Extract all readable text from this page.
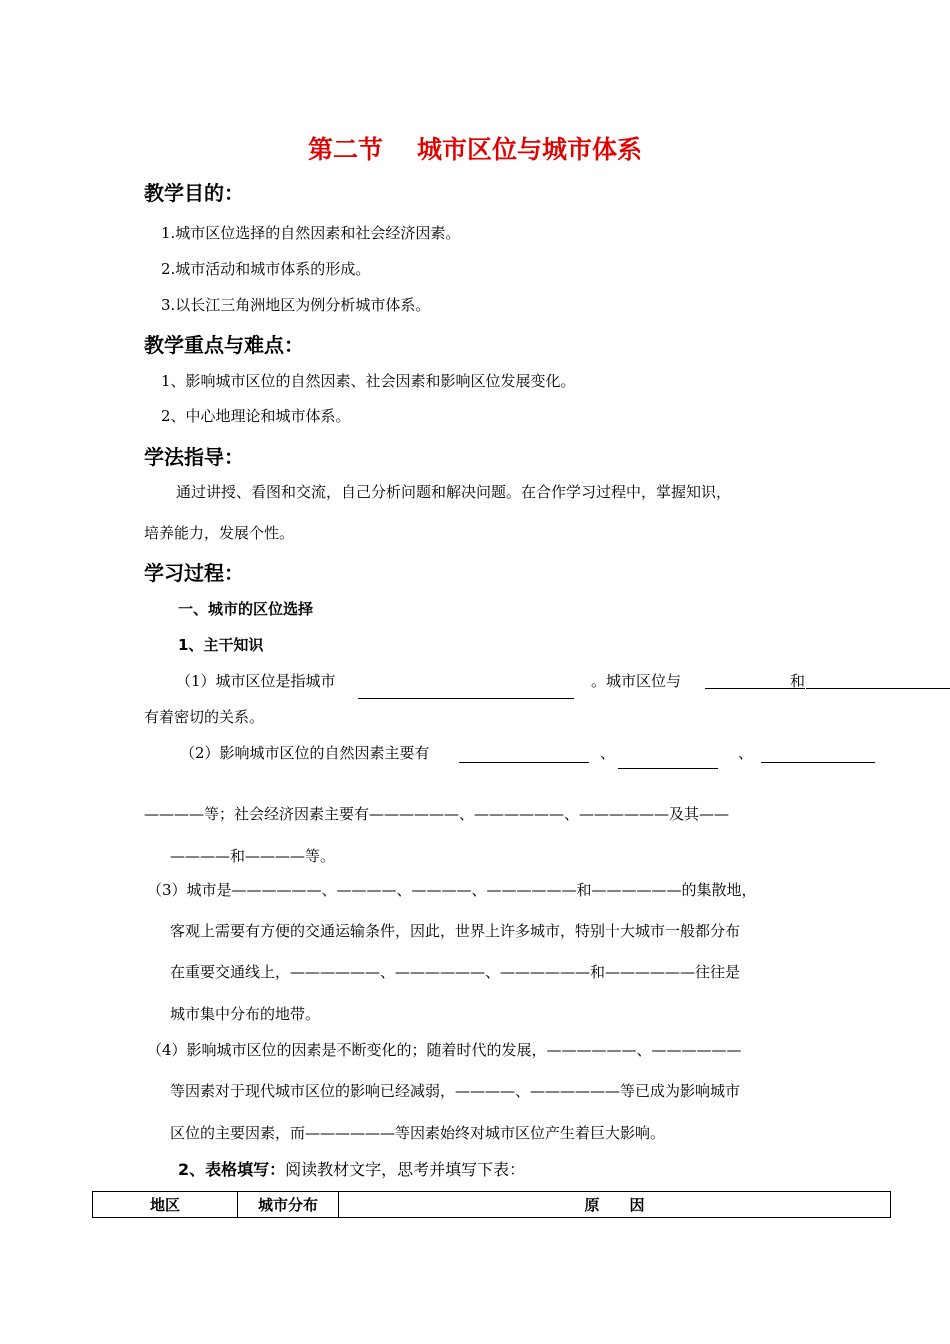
第二节 城市区位与城市体系
教学目的：
1.城市区位选择的自然因素和社会经济因素。
2.城市活动和城市体系的形成。
3.以长江三角洲地区为例分析城市体系。
教学重点与难点：
1、影响城市区位的自然因素、社会因素和影响区位发展变化。
2、中心地理论和城市体系。
学法指导：
通过讲授、看图和交流，自己分析问题和解决问题。在合作学习过程中，掌握知识，
培养能力，发展个性。
学习过程：
一、城市的区位选择
1、主干知识
（1）城市区位是指城市	。城市区位与	和
有着密切的关系。
（2）影响城市区位的自然因素主要有	、	、
————等；社会经济因素主要有——————、——————、——————及其——
————和————等。
（3）城市是——————、————、————、——————和——————的集散地，
客观上需要有方便的交通运输条件，因此，世界上许多城市，特别十大城市一般都分布
在重要交通线上，——————、——————、——————和——————往往是
城市集中分布的地带。
（4）影响城市区位的因素是不断变化的；随着时代的发展，——————、——————
等因素对于现代城市区位的影响已经减弱，————、——————等已成为影响城市
区位的主要因素，而——————等因素始终对城市区位产生着巨大影响。
2、表格填写：阅读教材文字，思考并填写下表：
地区	城市分布	原　　因
